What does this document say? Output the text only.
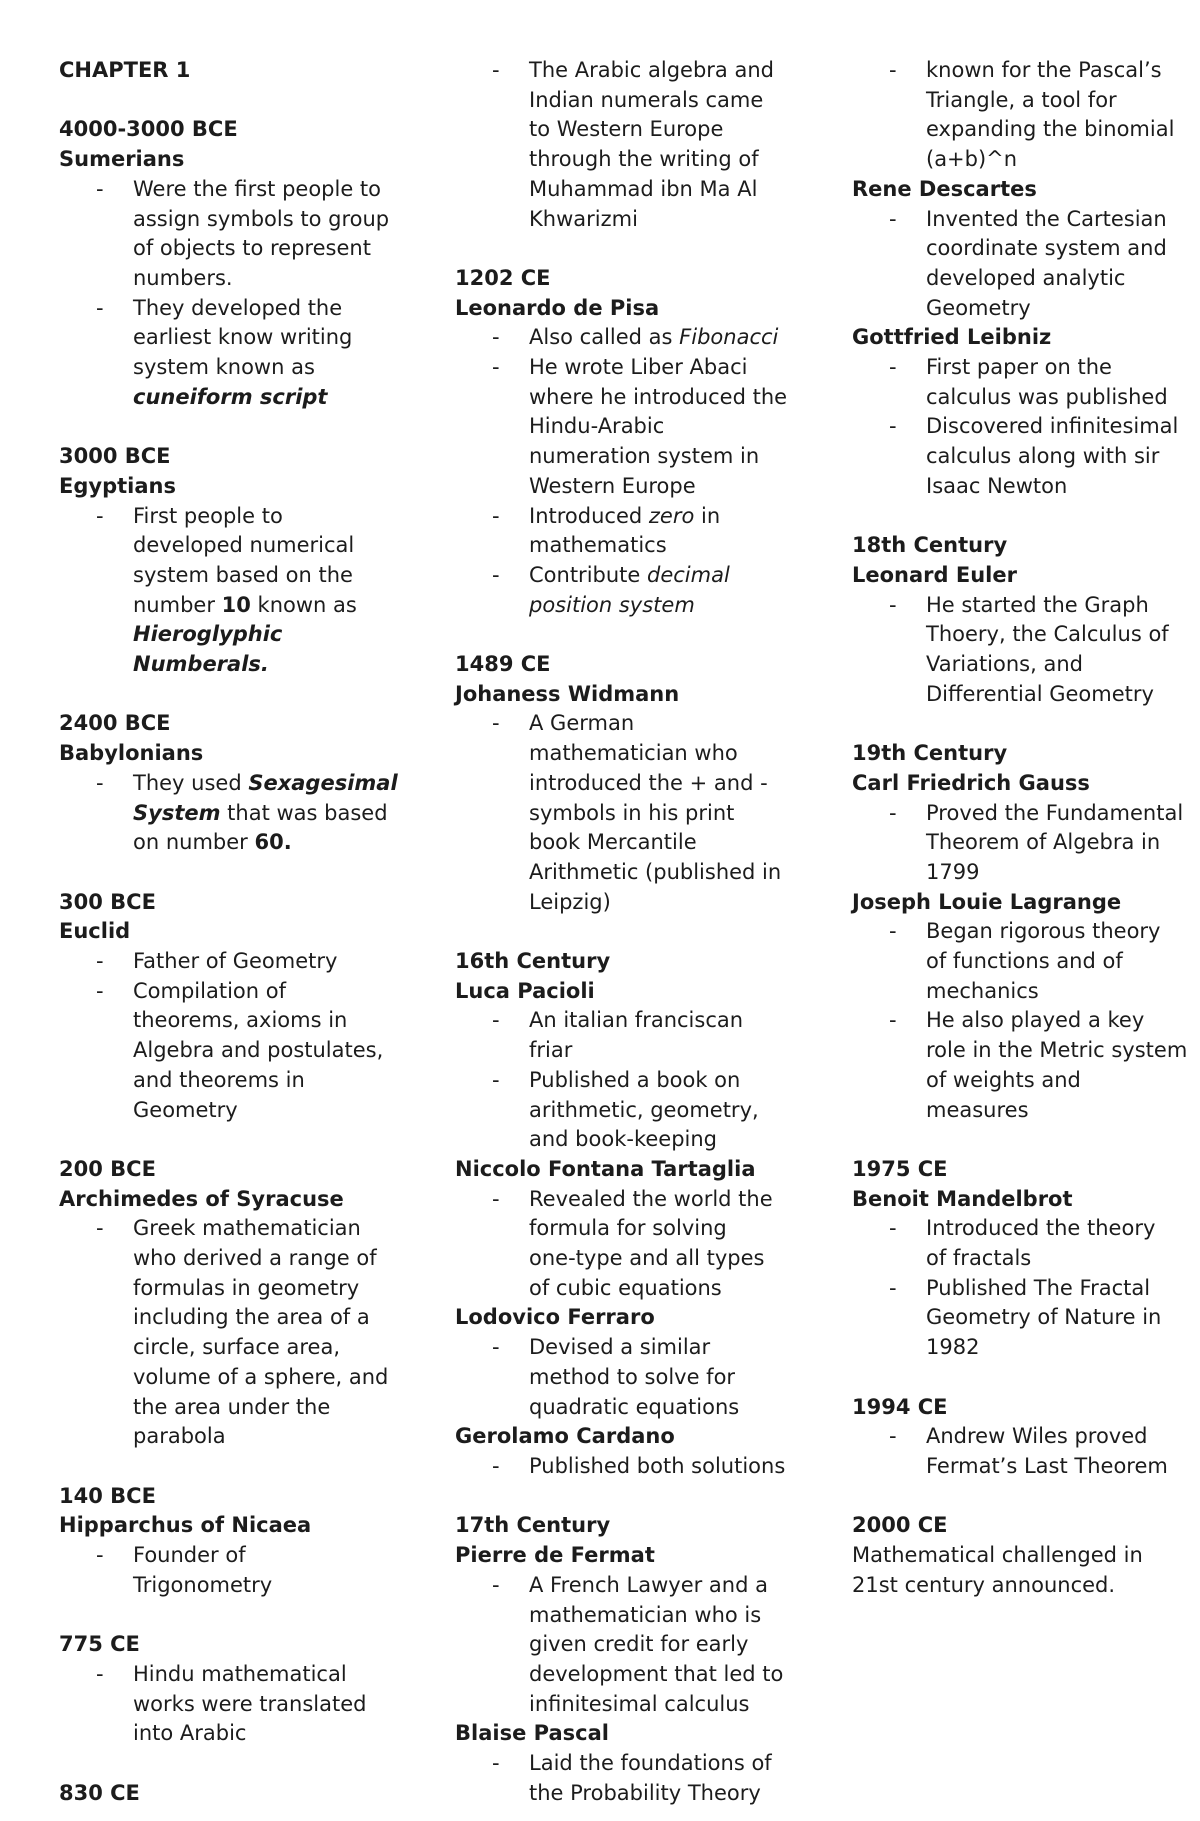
CHAPTER 1
4000-3000 BCE
Sumerians
- Were the first people to
assign symbols to group
of objects to represent
numbers.
- They developed the
earliest know writing
system known as
cuneiform script
3000 BCE
Egyptians
- First people to
developed numerical
system based on the
number 10 known as
Hieroglyphic
Numberals.
2400 BCE
Babylonians
- They used Sexagesimal
System that was based
on number 60.
300 BCE
Euclid
- Father of Geometry
- Compilation of
theorems, axioms in
Algebra and postulates,
and theorems in
Geometry
200 BCE
Archimedes of Syracuse
- Greek mathematician
who derived a range of
formulas in geometry
including the area of a
circle, surface area,
volume of a sphere, and
the area under the
parabola
140 BCE
Hipparchus of Nicaea
- Founder of
Trigonometry
775 CE
- Hindu mathematical
works were translated
into Arabic
830 CE
- The Arabic algebra and
Indian numerals came
to Western Europe
through the writing of
Muhammad ibn Ma Al
Khwarizmi
1202 CE
Leonardo de Pisa
- Also called as Fibonacci
- He wrote Liber Abaci
where he introduced the
Hindu-Arabic
numeration system in
Western Europe
- Introduced zero in
mathematics
- Contribute decimal
position system
1489 CE
Johaness Widmann
- A German
mathematician who
introduced the + and -
symbols in his print
book Mercantile
Arithmetic (published in
Leipzig)
16th Century
Luca Pacioli
- An italian franciscan
friar
- Published a book on
arithmetic, geometry,
and book-keeping
Niccolo Fontana Tartaglia
- Revealed the world the
formula for solving
one-type and all types
of cubic equations
Lodovico Ferraro
- Devised a similar
method to solve for
quadratic equations
Gerolamo Cardano
- Published both solutions
17th Century
Pierre de Fermat
- A French Lawyer and a
mathematician who is
given credit for early
development that led to
infinitesimal calculus
Blaise Pascal
- Laid the foundations of
the Probability Theory
- known for the Pascal’s
Triangle, a tool for
expanding the binomial
(a+b)^n
Rene Descartes
- Invented the Cartesian
coordinate system and
developed analytic
Geometry
Gottfried Leibniz
- First paper on the
calculus was published
- Discovered infinitesimal
calculus along with sir
Isaac Newton
18th Century
Leonard Euler
- He started the Graph
Thoery, the Calculus of
Variations, and
Differential Geometry
19th Century
Carl Friedrich Gauss
- Proved the Fundamental
Theorem of Algebra in
1799
Joseph Louie Lagrange
- Began rigorous theory
of functions and of
mechanics
- He also played a key
role in the Metric system
of weights and
measures
1975 CE
Benoit Mandelbrot
- Introduced the theory
of fractals
- Published The Fractal
Geometry of Nature in
1982
1994 CE
- Andrew Wiles proved
Fermat’s Last Theorem
2000 CE
Mathematical challenged in
21st century announced.
